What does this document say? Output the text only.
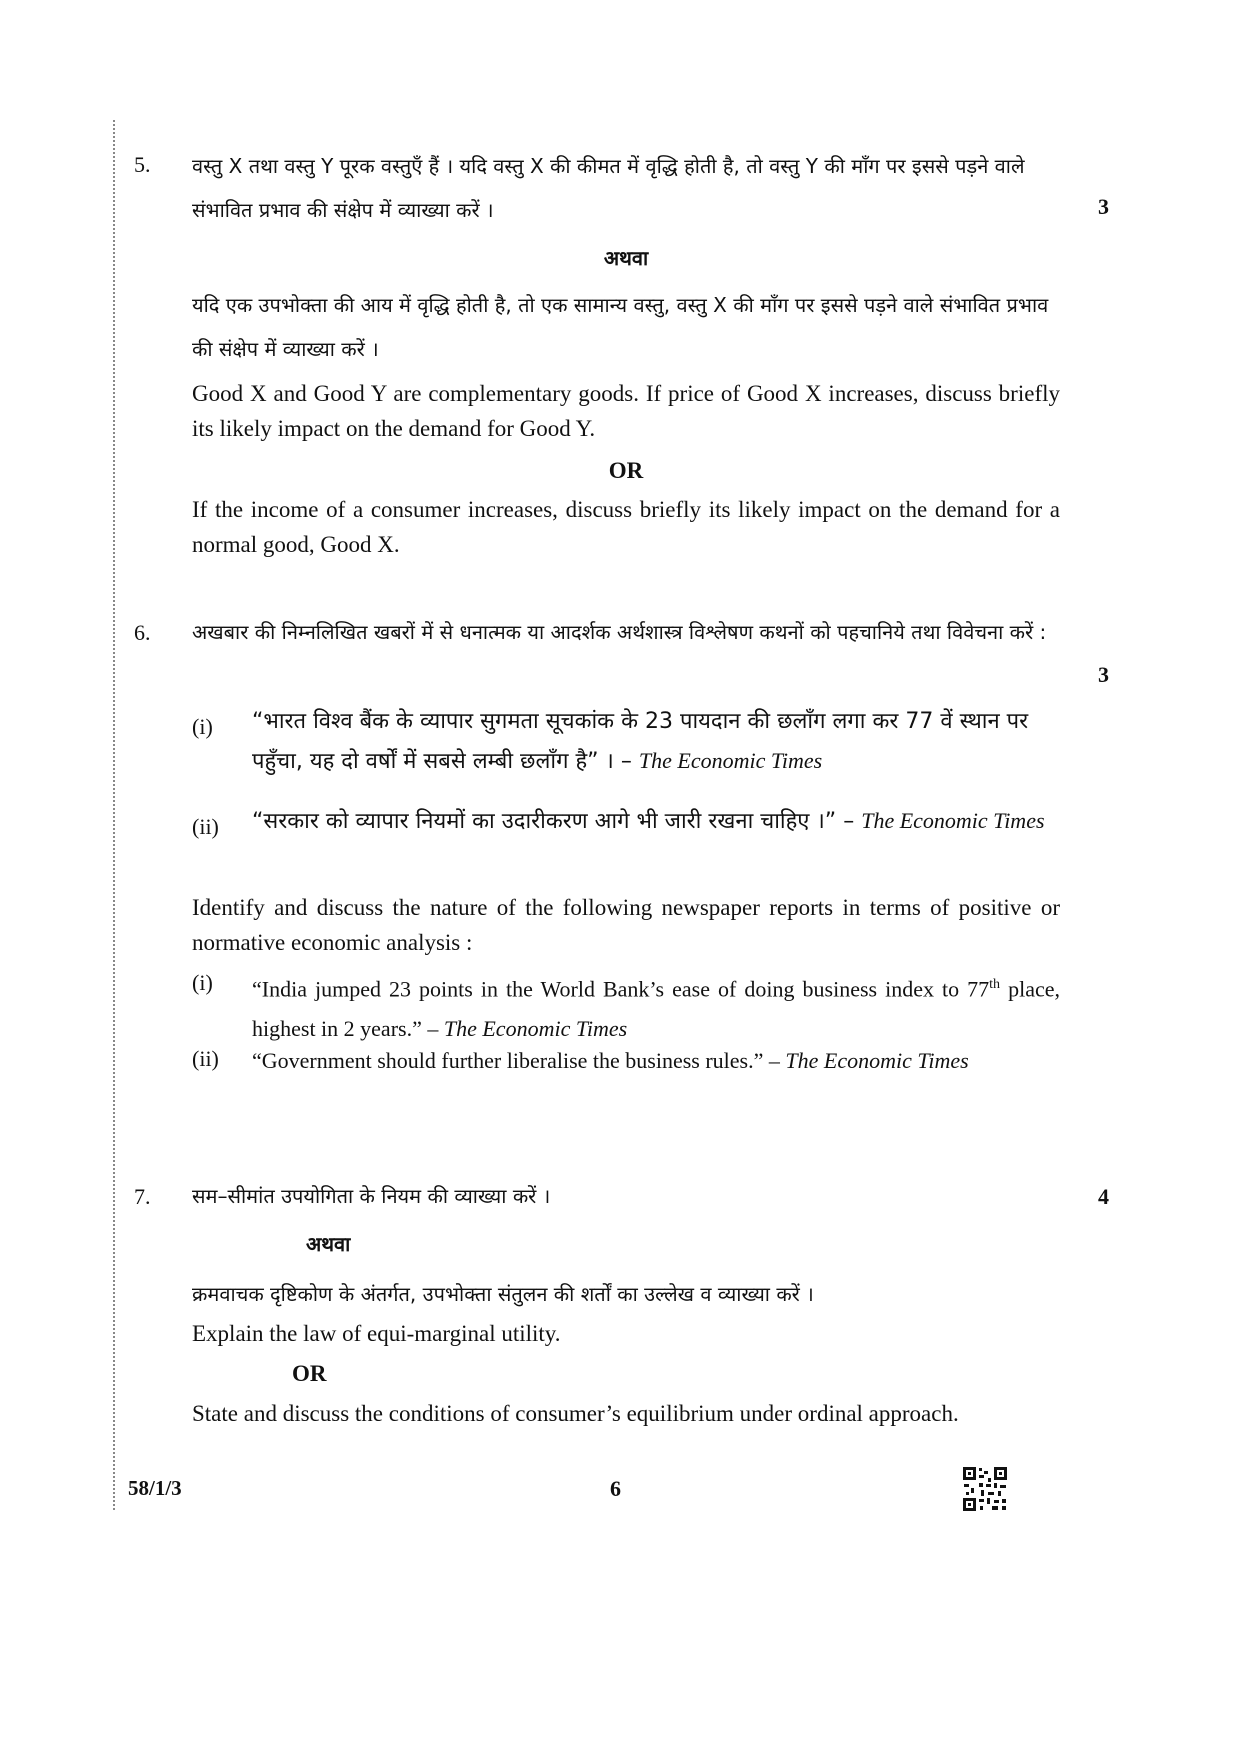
5.
3
वस्तु X तथा वस्तु Y पूरक वस्तुएँ हैं । यदि वस्तु X की कीमत में वृद्धि होती है, तो वस्तु Y की माँग पर इससे पड़ने वाले संभावित प्रभाव की संक्षेप में व्याख्या करें ।
अथवा
यदि एक उपभोक्ता की आय में वृद्धि होती है, तो एक सामान्य वस्तु, वस्तु X की माँग पर इससे पड़ने वाले संभावित प्रभाव की संक्षेप में व्याख्या करें ।
Good X and Good Y are complementary goods. If price of Good X increases, discuss briefly its likely impact on the demand for Good Y.
OR
If the income of a consumer increases, discuss briefly its likely impact on the demand for a normal good, Good X.
6.
3
अखबार की निम्नलिखित खबरों में से धनात्मक या आदर्शक अर्थशास्त्र विश्लेषण कथनों को पहचानिये तथा विवेचना करें :
(i) “भारत विश्व बैंक के व्यापार सुगमता सूचकांक के 23 पायदान की छलाँग लगा कर 77 वें स्थान पर पहुँचा, यह दो वर्षों में सबसे लम्बी छलाँग है” । – The Economic Times
(ii) “सरकार को व्यापार नियमों का उदारीकरण आगे भी जारी रखना चाहिए ।” – The Economic Times
Identify and discuss the nature of the following newspaper reports in terms of positive or normative economic analysis :
(i) “India jumped 23 points in the World Bank’s ease of doing business index to 77th place, highest in 2 years.” – The Economic Times
(ii) “Government should further liberalise the business rules.” – The Economic Times
7.	4
सम–सीमांत उपयोगिता के नियम की व्याख्या करें ।
अथवा
क्रमवाचक दृष्टिकोण के अंतर्गत, उपभोक्ता संतुलन की शर्तों का उल्लेख व व्याख्या करें ।
Explain the law of equi-marginal utility.
OR
State and discuss the conditions of consumer’s equilibrium under ordinal approach.
58/1/3	6
